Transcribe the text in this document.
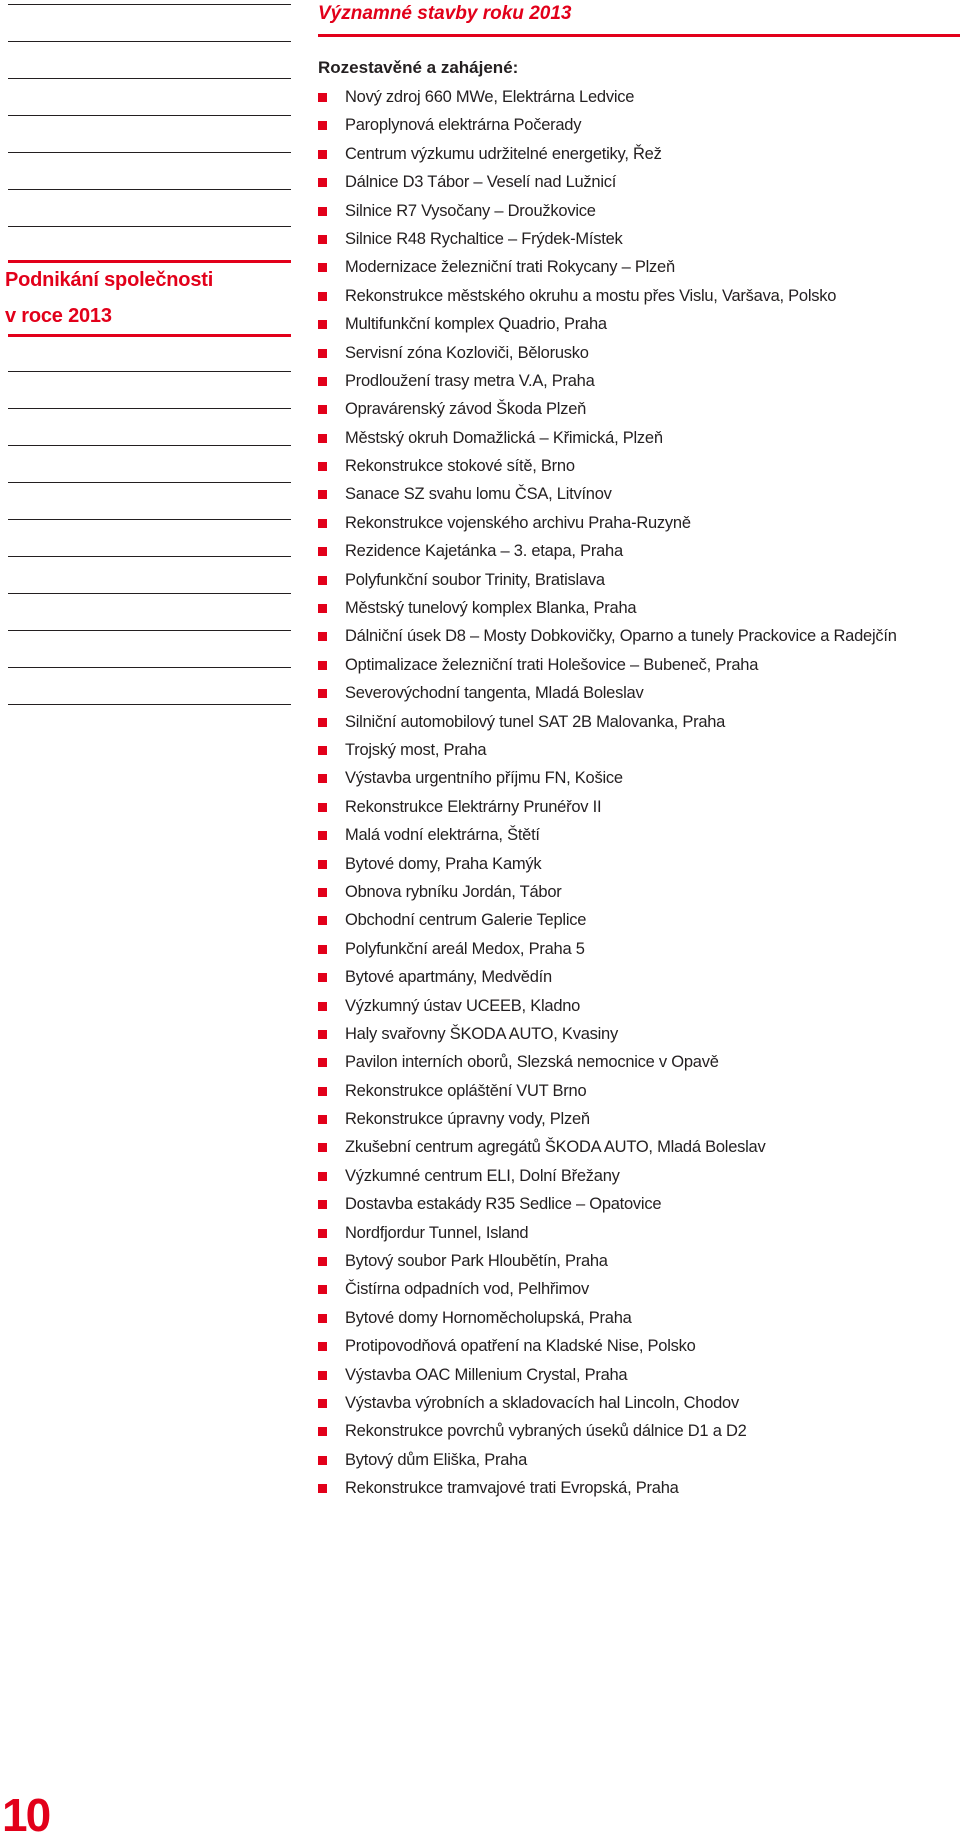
Podnikání společnosti
v roce 2013
Významné stavby roku 2013
Rozestavěné a zahájené:
Nový zdroj 660 MWe, Elektrárna Ledvice
Paroplynová elektrárna Počerady
Centrum výzkumu udržitelné energetiky, Řež
Dálnice D3 Tábor – Veselí nad Lužnicí
Silnice R7 Vysočany – Droužkovice
Silnice R48 Rychaltice – Frýdek-Místek
Modernizace železniční trati Rokycany – Plzeň
Rekonstrukce městského okruhu a mostu přes Vislu, Varšava, Polsko
Multifunkční komplex Quadrio, Praha
Servisní zóna Kozloviči, Bělorusko
Prodloužení trasy metra V.A, Praha
Opravárenský závod Škoda Plzeň
Městský okruh Domažlická – Křimická, Plzeň
Rekonstrukce stokové sítě, Brno
Sanace SZ svahu lomu ČSA, Litvínov
Rekonstrukce vojenského archivu Praha-Ruzyně
Rezidence Kajetánka – 3. etapa, Praha
Polyfunkční soubor Trinity, Bratislava
Městský tunelový komplex Blanka, Praha
Dálniční úsek D8 – Mosty Dobkovičky, Oparno a tunely Prackovice a Radejčín
Optimalizace železniční trati Holešovice – Bubeneč, Praha
Severovýchodní tangenta, Mladá Boleslav
Silniční automobilový tunel SAT 2B Malovanka, Praha
Trojský most, Praha
Výstavba urgentního příjmu FN, Košice
Rekonstrukce Elektrárny Prunéřov II
Malá vodní elektrárna, Štětí
Bytové domy, Praha Kamýk
Obnova rybníku Jordán, Tábor
Obchodní centrum Galerie Teplice
Polyfunkční areál Medox, Praha 5
Bytové apartmány, Medvědín
Výzkumný ústav UCEEB, Kladno
Haly svařovny ŠKODA AUTO, Kvasiny
Pavilon interních oborů, Slezská nemocnice v Opavě
Rekonstrukce opláštění VUT Brno
Rekonstrukce úpravny vody, Plzeň
Zkušební centrum agregátů ŠKODA AUTO, Mladá Boleslav
Výzkumné centrum ELI, Dolní Břežany
Dostavba estakády R35 Sedlice – Opatovice
Nordfjordur Tunnel, Island
Bytový soubor Park Hloubětín, Praha
Čistírna odpadních vod, Pelhřimov
Bytové domy Hornoměcholupská, Praha
Protipovodňová opatření na Kladské Nise, Polsko
Výstavba OAC Millenium Crystal, Praha
Výstavba výrobních a skladovacích hal Lincoln, Chodov
Rekonstrukce povrchů vybraných úseků dálnice D1 a D2
Bytový dům Eliška, Praha
Rekonstrukce tramvajové trati Evropská, Praha
10
